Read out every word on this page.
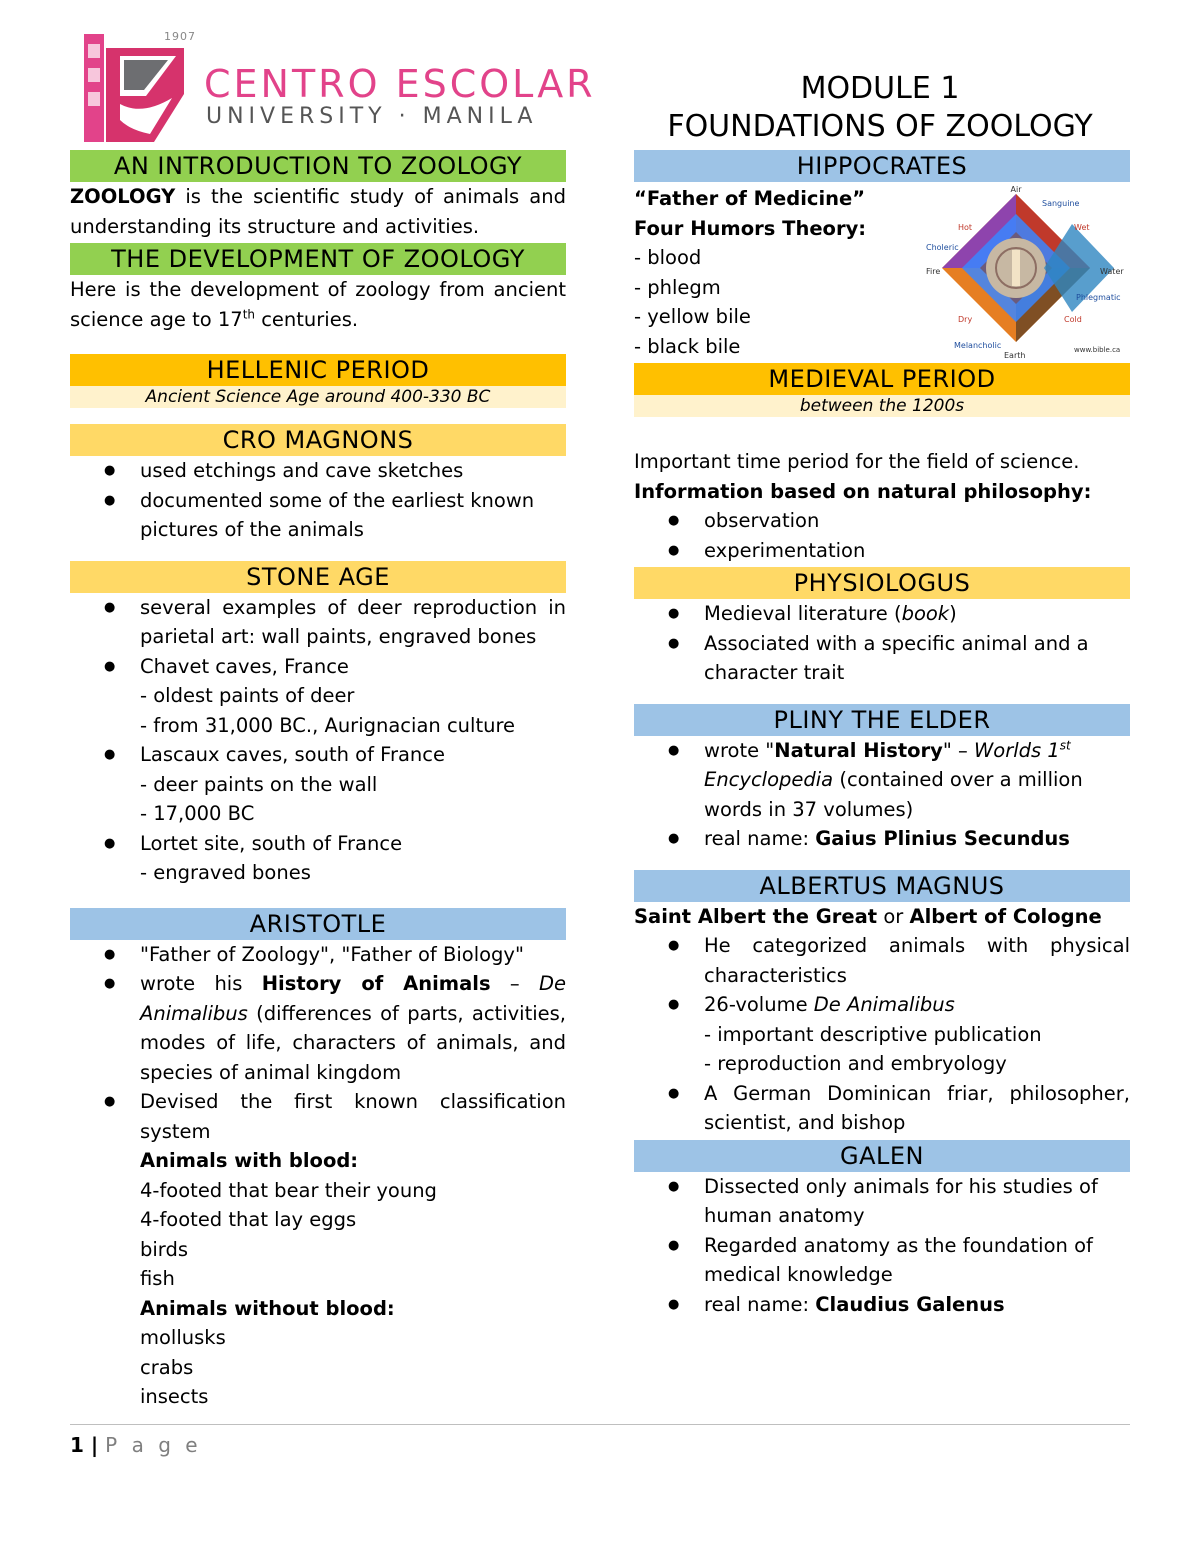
1907
CENTRO ESCOLAR
UNIVERSITY · MANILA
MODULE 1
FOUNDATIONS OF ZOOLOGY
AN INTRODUCTION TO ZOOLOGY

ZOOLOGY is the scientific study of animals and understanding its structure and activities.

THE DEVELOPMENT OF ZOOLOGY

Here is the development of zoology from ancient science age to 17th centuries.

HELLENIC PERIOD
Ancient Science Age around 400-330 BC
CRO MAGNONS
● used etchings and cave sketches
● documented some of the earliest known pictures of the animals
STONE AGE
● several examples of deer reproduction in parietal art: wall paints, engraved bones
● Chavet caves, France
- oldest paints of deer
- from 31,000 BC., Aurignacian culture
● Lascaux caves, south of France
- deer paints on the wall
- 17,000 BC
● Lortet site, south of France
- engraved bones
ARISTOTLE
● "Father of Zoology", "Father of Biology"
● wrote his History of Animals – De Animalibus (differences of parts, activities, modes of life, characters of animals, and species of animal kingdom
● Devised the first known classification system
Animals with blood:
4-footed that bear their young
4-footed that lay eggs
birds
fish
Animals without blood:
mollusks
crabs
insects
HIPPOCRATES

“Father of Medicine”

Four Humors Theory:

- blood

- phlegm

- yellow bile

- black bile

Air
Sanguine
Hot	Wet
Choleric
Fire	Water
Phlegmatic
Dry	Cold
Melancholic
Earth
www.bible.ca
MEDIEVAL PERIOD
between the 1200s

Important time period for the field of science.

Information based on natural philosophy:

● observation
● experimentation
PHYSIOLOGUS
● Medieval literature (book)
● Associated with a specific animal and a character trait
PLINY THE ELDER
● wrote "Natural History" – Worlds 1st Encyclopedia (contained over a million words in 37 volumes)
● real name: Gaius Plinius Secundus
ALBERTUS MAGNUS

Saint Albert the Great or Albert of Cologne

● He categorized animals with physical characteristics
● 26-volume De Animalibus
- important descriptive publication
- reproduction and embryology
● A German Dominican friar, philosopher, scientist, and bishop
GALEN
● Dissected only animals for his studies of human anatomy
● Regarded anatomy as the foundation of medical knowledge
● real name: Claudius Galenus
1 | P a g e
